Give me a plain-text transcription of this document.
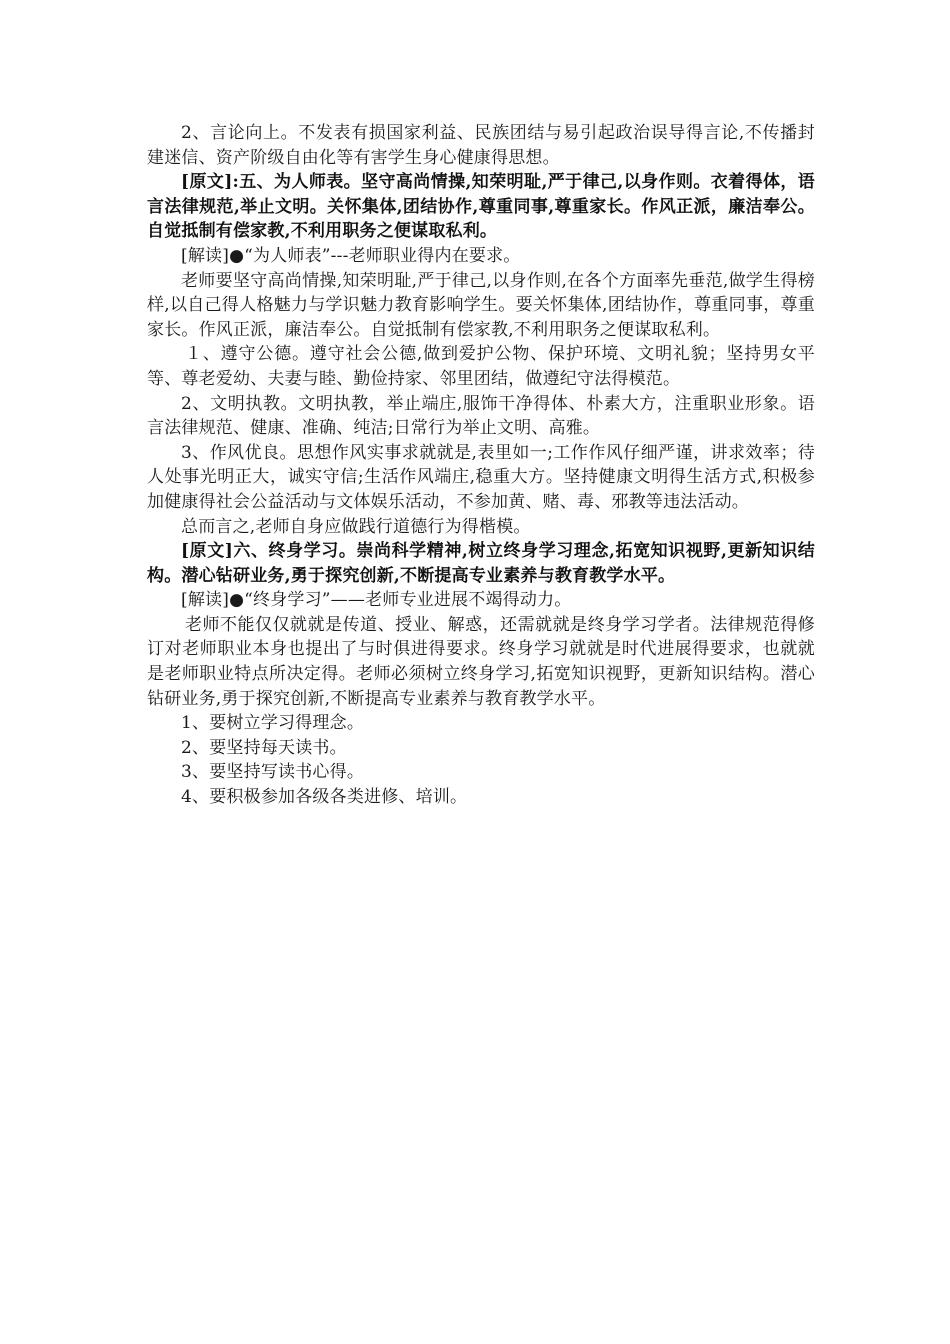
2、言论向上。不发表有损国家利益、民族团结与易引起政治误导得言论,不传播封建迷信、资产阶级自由化等有害学生身心健康得思想。

[原文]:五、为人师表。坚守高尚情操,知荣明耻,严于律己,以身作则。衣着得体，语言法律规范,举止文明。关怀集体,团结协作,尊重同事,尊重家长。作风正派，廉洁奉公。自觉抵制有偿家教,不利用职务之便谋取私利。

[解读]●“为人师表”---老师职业得内在要求。

老师要坚守高尚情操,知荣明耻,严于律己,以身作则,在各个方面率先垂范,做学生得榜样,以自己得人格魅力与学识魅力教育影响学生。要关怀集体,团结协作，尊重同事，尊重家长。作风正派，廉洁奉公。自觉抵制有偿家教,不利用职务之便谋取私利。

１、遵守公德。遵守社会公德,做到爱护公物、保护环境、文明礼貌；坚持男女平等、尊老爱幼、夫妻与睦、勤俭持家、邻里团结，做遵纪守法得模范。

2、文明执教。文明执教，举止端庄,服饰干净得体、朴素大方，注重职业形象。语言法律规范、健康、准确、纯洁;日常行为举止文明、高雅。

3、作风优良。思想作风实事求就就是,表里如一;工作作风仔细严谨，讲求效率；待人处事光明正大，诚实守信;生活作风端庄,稳重大方。坚持健康文明得生活方式,积极参加健康得社会公益活动与文体娱乐活动，不参加黄、赌、毒、邪教等违法活动。

总而言之,老师自身应做践行道德行为得楷模。

[原文]六、终身学习。崇尚科学精神,树立终身学习理念,拓宽知识视野,更新知识结构。潜心钻研业务,勇于探究创新,不断提高专业素养与教育教学水平。

[解读]●“终身学习”——老师专业进展不竭得动力。

老师不能仅仅就就是传道、授业、解惑，还需就就是终身学习学者。法律规范得修订对老师职业本身也提出了与时俱进得要求。终身学习就就是时代进展得要求，也就就是老师职业特点所决定得。老师必须树立终身学习,拓宽知识视野，更新知识结构。潜心钻研业务,勇于探究创新,不断提高专业素养与教育教学水平。

1、要树立学习得理念。

2、要坚持每天读书。

3、要坚持写读书心得。

4、要积极参加各级各类进修、培训。
